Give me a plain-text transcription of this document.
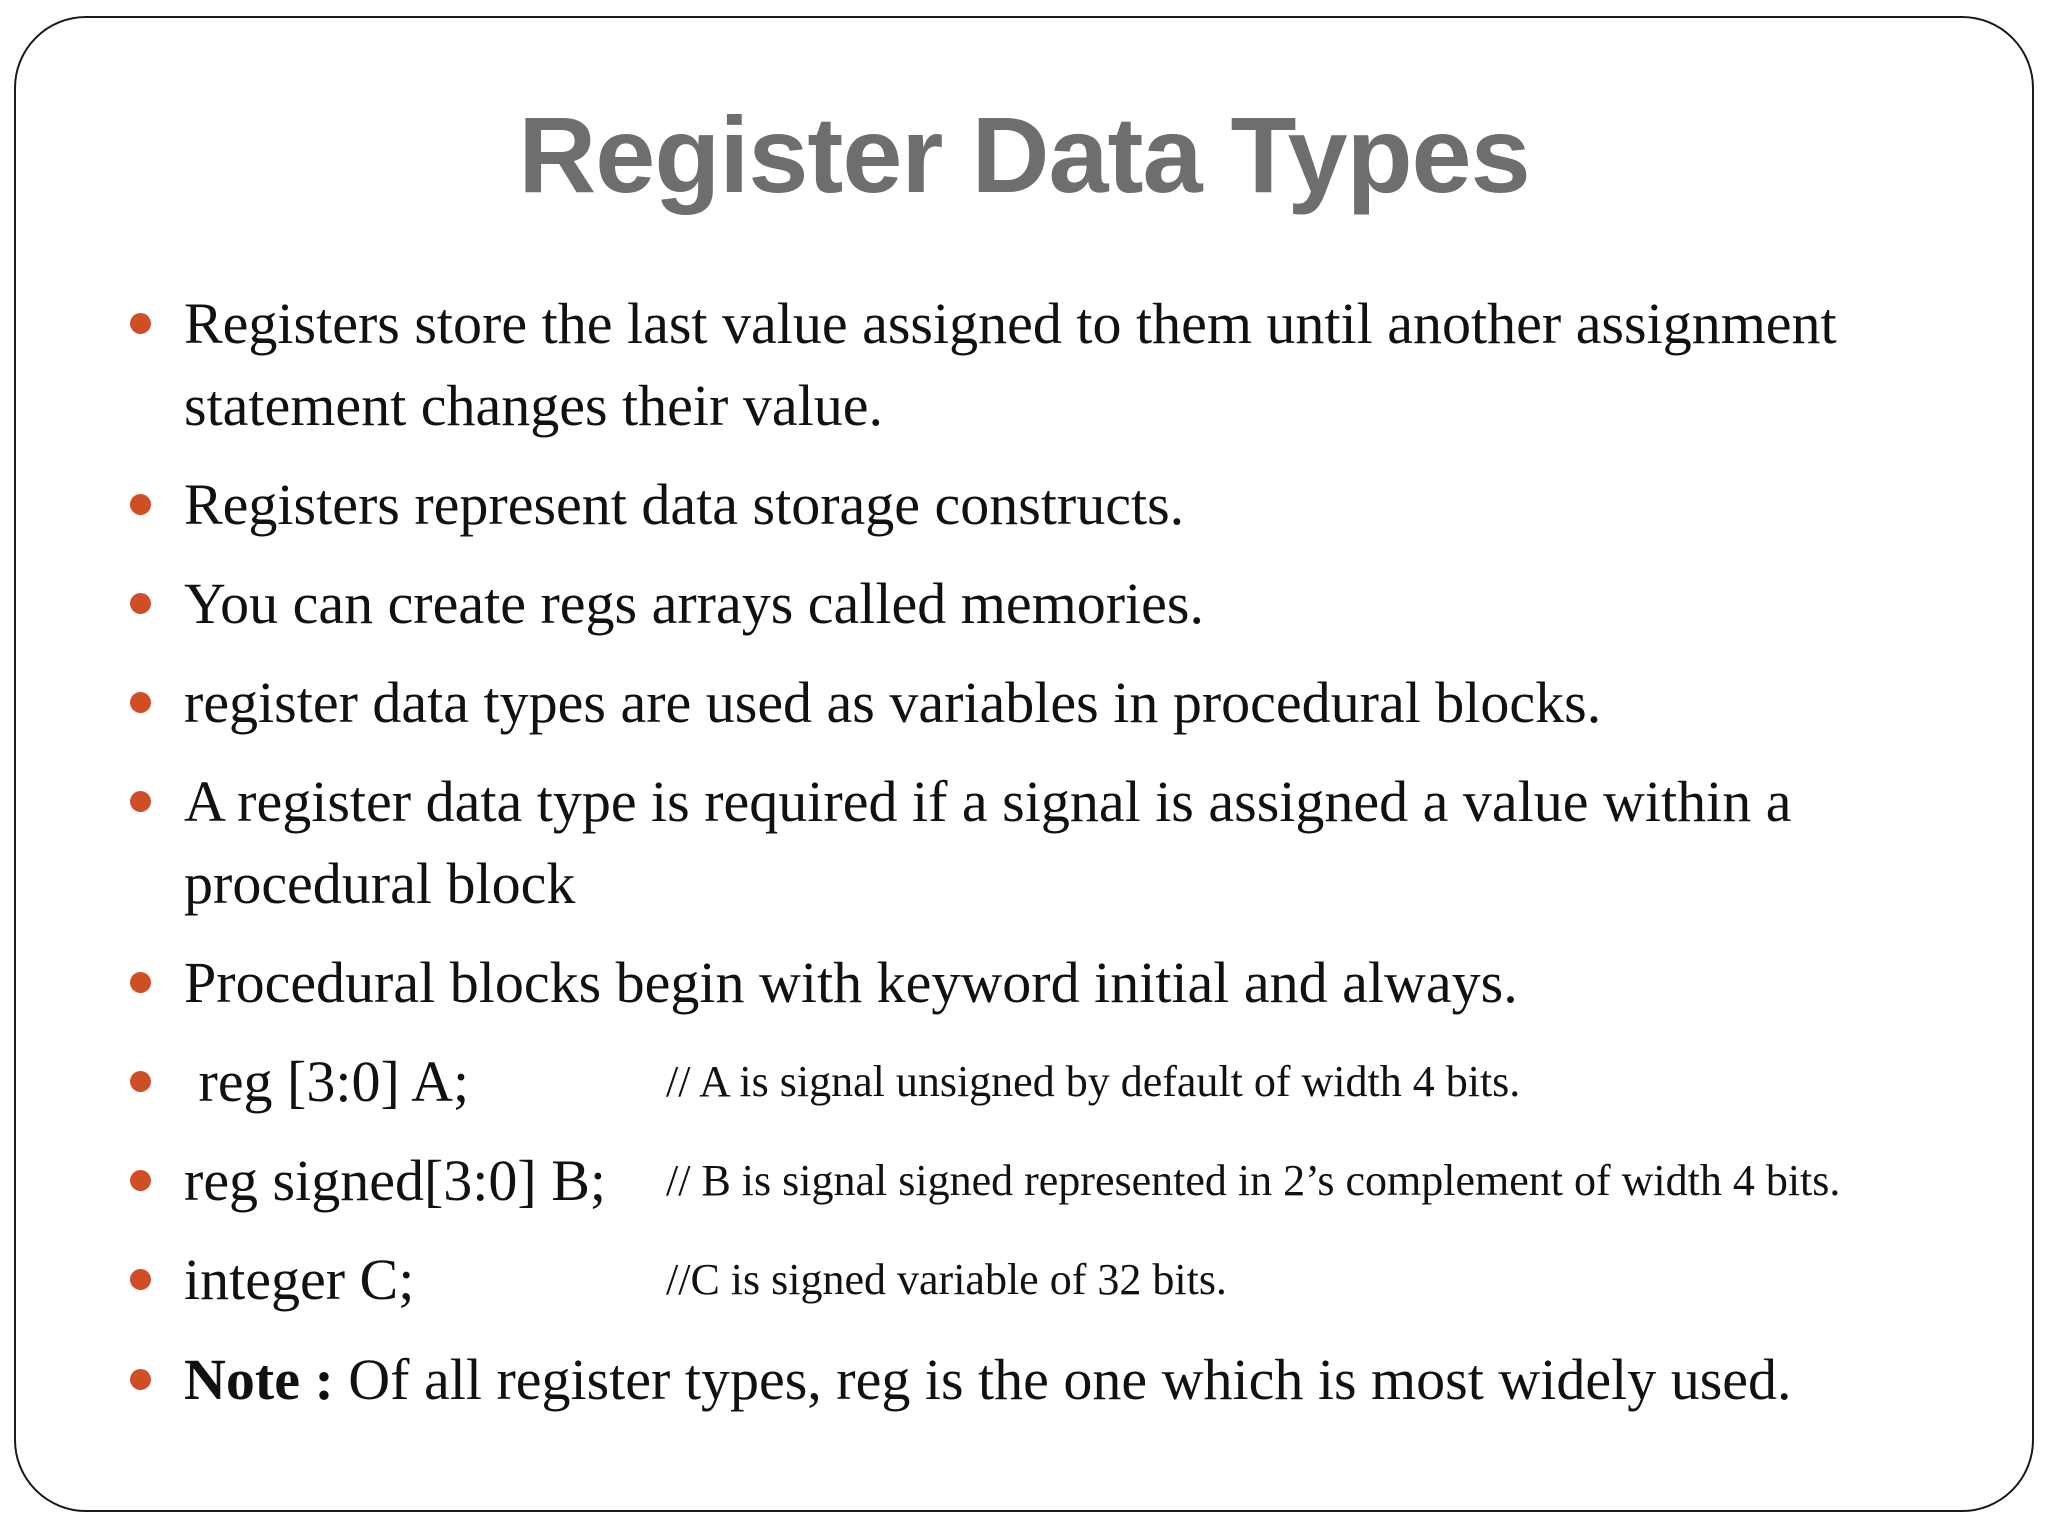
Register Data Types
Registers store the last value assigned to them until another assignment
statement changes their value.
Registers represent data storage constructs.
You can create regs arrays called memories.
register data types are used as variables in procedural blocks.
A register data type is required if a signal is assigned a value within a
procedural block
Procedural blocks begin with keyword initial and always.
reg [3:0] A;	// A is signal unsigned by default of width 4 bits.
reg signed[3:0] B; // B is signal signed represented in 2’s complement of width 4 bits.
integer C;	//C is signed variable of 32 bits.
Note : Of all register types, reg is the one which is most widely used.
